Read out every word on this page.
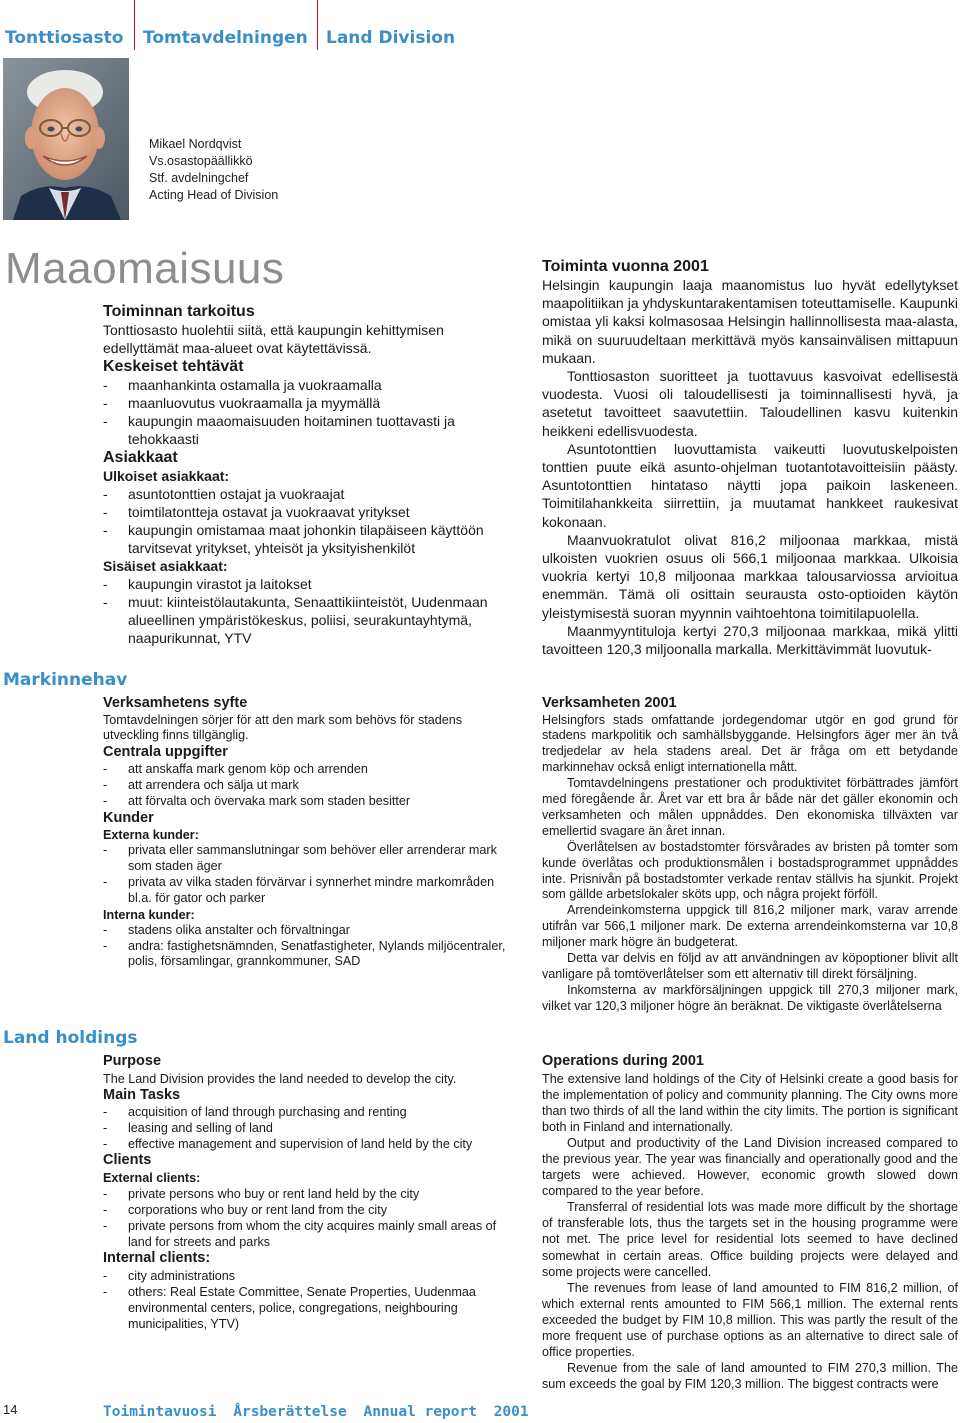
Tonttiosasto Tomtavdelningen Land Division
Mikael Nordqvist
Vs.osastopäällikkö
Stf. avdelningchef
Acting Head of Division
Maaomaisuus
Markinnehav
Land holdings
Toiminnan tarkoitus

Tonttiosasto huolehtii siitä, että kaupungin kehittymisen edellyttämät maa-alueet ovat käytettävissä.

Keskeiset tehtävät
- maanhankinta ostamalla ja vuokraamalla
- maanluovutus vuokraamalla ja myymällä
- kaupungin maaomaisuuden hoitaminen tuottavasti ja tehokkaasti
Asiakkaat
Ulkoiset asiakkaat:
- asuntotonttien ostajat ja vuokraajat
- toimtilatontteja ostavat ja vuokraavat yritykset
- kaupungin omistamaa maat johonkin tilapäiseen käyttöön tarvitsevat yritykset, yhteisöt ja yksityishenkilöt
Sisäiset asiakkaat:
- kaupungin virastot ja laitokset
- muut: kiinteistölautakunta, Senaattikiinteistöt, Uudenmaan alueellinen ympäristökeskus, poliisi, seurakuntayhtymä, naapurikunnat, YTV
Toiminta vuonna 2001

Helsingin kaupungin laaja maanomistus luo hyvät edellytykset maapolitiikan ja yhdyskuntarakentamisen toteuttamiselle. Kaupunki omistaa yli kaksi kolmasosaa Helsingin hallinnollisesta maa-alasta, mikä on suuruudeltaan merkittävä myös kansainvälisen mittapuun mukaan.

Tonttiosaston suoritteet ja tuottavuus kasvoivat edellisestä vuodesta. Vuosi oli taloudellisesti ja toiminnallisesti hyvä, ja asetetut tavoitteet saavutettiin. Taloudellinen kasvu kuitenkin heikkeni edellisvuodesta.

Asuntotonttien luovuttamista vaikeutti luovutuskelpoisten tonttien puute eikä asunto-ohjelman tuotantotavoitteisiin päästy. Asuntotonttien hintataso näytti jopa paikoin laskeneen. Toimitilahankkeita siirrettiin, ja muutamat hankkeet raukesivat kokonaan.

Maanvuokratulot olivat 816,2 miljoonaa markkaa, mistä ulkoisten vuokrien osuus oli 566,1 miljoonaa markkaa. Ulkoisia vuokria kertyi 10,8 miljoonaa markkaa talousarviossa arvioitua enemmän. Tämä oli osittain seurausta osto-optioiden käytön yleistymisestä suoran myynnin vaihtoehtona toimitilapuolella.

Maanmyyntituloja kertyi 270,3 miljoonaa markkaa, mikä ylitti tavoitteen 120,3 miljoonalla markalla. Merkittävimmät luovutuk-

Verksamhetens syfte

Tomtavdelningen sörjer för att den mark som behövs för stadens utveckling finns tillgänglig.

Centrala uppgifter
- att anskaffa mark genom köp och arrenden
- att arrendera och sälja ut mark
- att förvalta och övervaka mark som staden besitter
Kunder
Externa kunder:
- privata eller sammanslutningar som behöver eller arrenderar mark som staden äger
- privata av vilka staden förvärvar i synnerhet mindre markområden bl.a. för gator och parker
Interna kunder:
- stadens olika anstalter och förvaltningar
- andra: fastighetsnämnden, Senatfastigheter, Nylands miljöcentraler, polis, församlingar, grannkommuner, SAD
Verksamheten 2001

Helsingfors stads omfattande jordegendomar utgör en god grund för stadens markpolitik och samhällsbyggande. Helsingfors äger mer än två tredjedelar av hela stadens areal. Det är fråga om ett betydande markinnehav också enligt internationella mått.

Tomtavdelningens prestationer och produktivitet förbättrades jämfört med föregående år. Året var ett bra år både när det gäller ekonomin och verksamheten och målen uppnåddes. Den ekonomiska tillväxten var emellertid svagare än året innan.

Överlåtelsen av bostadstomter försvårades av bristen på tomter som kunde överlåtas och produktionsmålen i bostadsprogrammet uppnåddes inte. Prisnivån på bostadstomter verkade rentav ställvis ha sjunkit. Projekt som gällde arbetslokaler sköts upp, och några projekt förföll.

Arrendeinkomsterna uppgick till 816,2 miljoner mark, varav arrende utifrån var 566,1 miljoner mark. De externa arrendeinkomsterna var 10,8 miljoner mark högre än budgeterat.

Detta var delvis en följd av att användningen av köpoptioner blivit allt vanligare på tomtöverlåtelser som ett alternativ till direkt försäljning.

Inkomsterna av markförsäljningen uppgick till 270,3 miljoner mark, vilket var 120,3 miljoner högre än beräknat. De viktigaste överlåtelserna

Purpose

The Land Division provides the land needed to develop the city.

Main Tasks
- acquisition of land through purchasing and renting
- leasing and selling of land
- effective management and supervision of land held by the city
Clients
External clients:
- private persons who buy or rent land held by the city
- corporations who buy or rent land from the city
- private persons from whom the city acquires mainly small areas of land for streets and parks
Internal clients:
- city administrations
- others: Real Estate Committee, Senate Properties, Uudenmaa environmental centers, police, congregations, neighbouring municipalities, YTV)
Operations during 2001

The extensive land holdings of the City of Helsinki create a good basis for the implementation of policy and community planning. The City owns more than two thirds of all the land within the city limits. The portion is significant both in Finland and internationally.

Output and productivity of the Land Division increased compared to the previous year. The year was financially and operationally good and the targets were achieved. However, economic growth slowed down compared to the year before.

Transferral of residential lots was made more difficult by the shortage of transferable lots, thus the targets set in the housing programme were not met. The price level for residential lots seemed to have declined somewhat in certain areas. Office building projects were delayed and some projects were cancelled.

The revenues from lease of land amounted to FIM 816,2 million, of which external rents amounted to FIM 566,1 million. The external rents exceeded the budget by FIM 10,8 million. This was partly the result of the more frequent use of purchase options as an alternative to direct sale of office properties.

Revenue from the sale of land amounted to FIM 270,3 million. The sum exceeds the goal by FIM 120,3 million. The biggest contracts were

14	Toimintavuosi Årsberättelse Annual report 2001
